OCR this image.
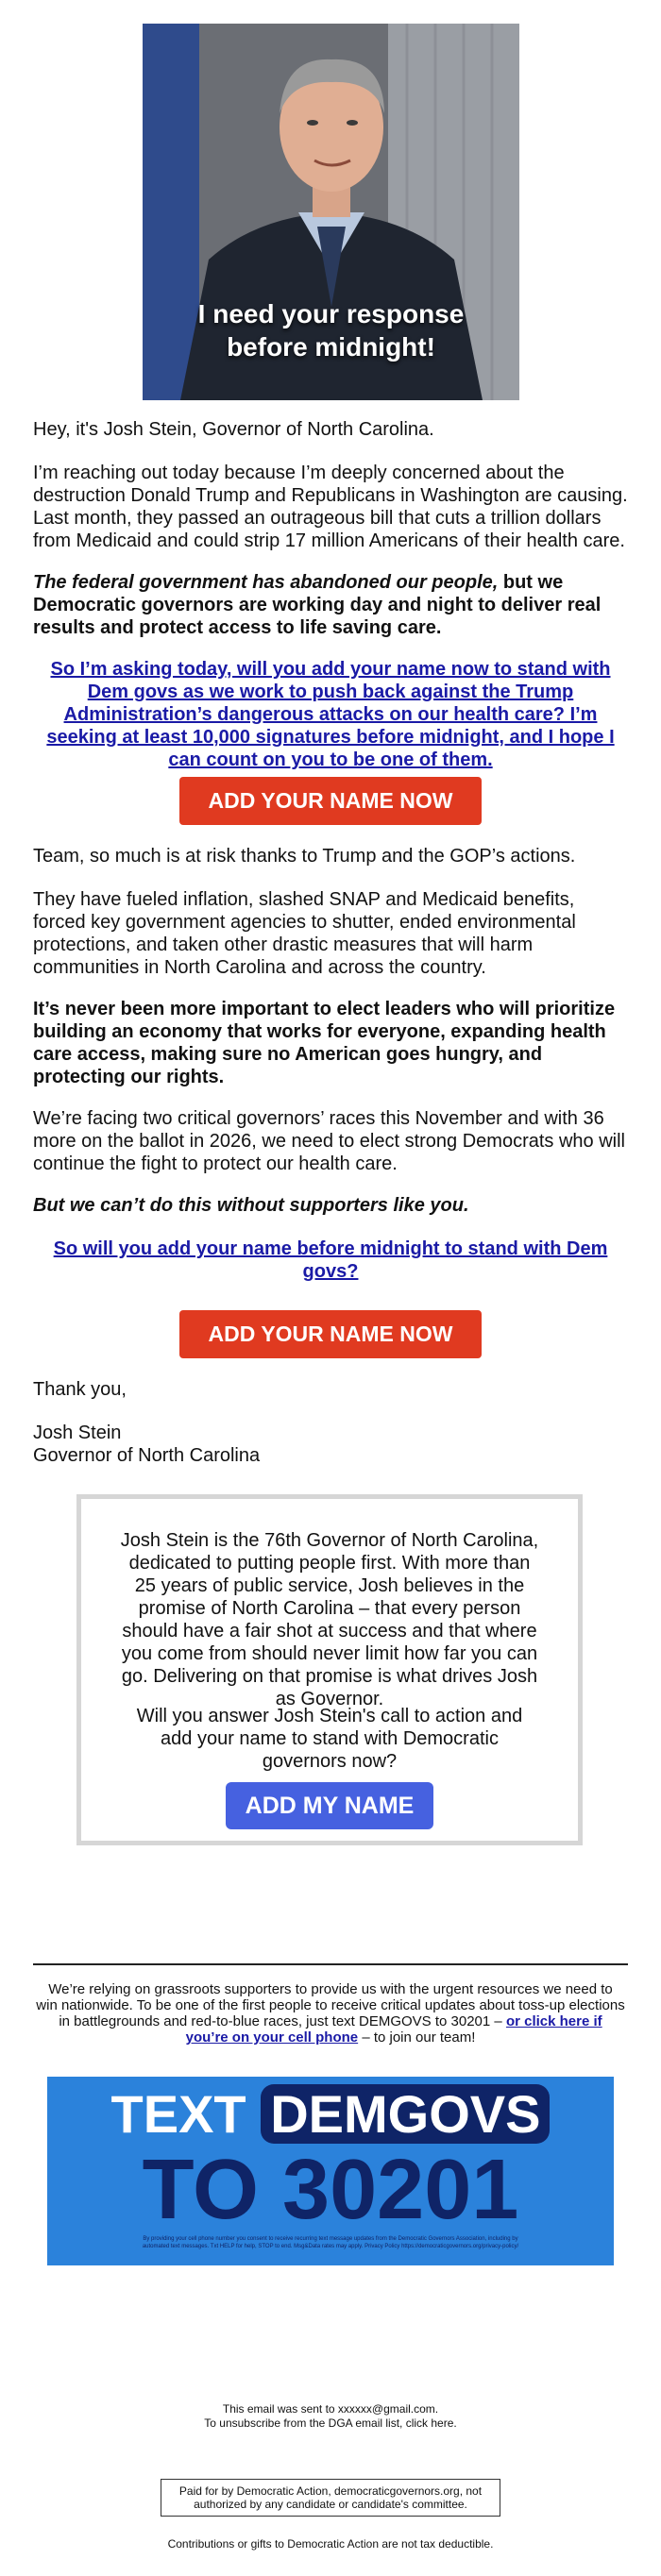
I need your response
before midnight!

Hey, it's Josh Stein, Governor of North Carolina.

I’m reaching out today because I’m deeply concerned about the destruction Donald Trump and Republicans in Washington are causing. Last month, they passed an outrageous bill that cuts a trillion dollars from Medicaid and could strip 17 million Americans of their health care.

The federal government has abandoned our people, but we Democratic governors are working day and night to deliver real results and protect access to life saving care.

So I’m asking today, will you add your name now to stand with Dem govs as we work to push back against the Trump Administration’s dangerous attacks on our health care? I’m seeking at least 10,000 signatures before midnight, and I hope I can count on you to be one of them.
ADD YOUR NAME NOW

Team, so much is at risk thanks to Trump and the GOP’s actions.

They have fueled inflation, slashed SNAP and Medicaid benefits, forced key government agencies to shutter, ended environmental protections, and taken other drastic measures that will harm communities in North Carolina and across the country.

It’s never been more important to elect leaders who will prioritize building an economy that works for everyone, expanding health care access, making sure no American goes hungry, and protecting our rights.

We’re facing two critical governors’ races this November and with 36 more on the ballot in 2026, we need to elect strong Democrats who will continue the fight to protect our health care.

But we can’t do this without supporters like you.

So will you add your name before midnight to stand with Dem govs?
ADD YOUR NAME NOW

Thank you,

Josh Stein

Governor of North Carolina

Josh Stein is the 76th Governor of North Carolina, dedicated to putting people first. With more than 25 years of public service, Josh believes in the promise of North Carolina – that every person should have a fair shot at success and that where you come from should never limit how far you can go. Delivering on that promise is what drives Josh as Governor.

Will you answer Josh Stein's call to action and add your name to stand with Democratic governors now?

ADD MY NAME
We’re relying on grassroots supporters to provide us with the urgent resources we need to win nationwide. To be one of the first people to receive critical updates about toss-up elections in battlegrounds and red-to-blue races, just text DEMGOVS to 30201 – or click here if you’re on your cell phone – to join our team!
TEXT DEMGOVS
TO 30201
By providing your cell phone number you consent to receive recurring text message updates from the Democratic Governors Association, including by automated text messages. Txt HELP for help, STOP to end. Msg&Data rates may apply. Privacy Policy https://democraticgovernors.org/privacy-policy/
This email was sent to xxxxxx@gmail.com.
To unsubscribe from the DGA email list, click here.
Paid for by Democratic Action, democraticgovernors.org, not authorized by any candidate or candidate's committee.
Contributions or gifts to Democratic Action are not tax deductible.
